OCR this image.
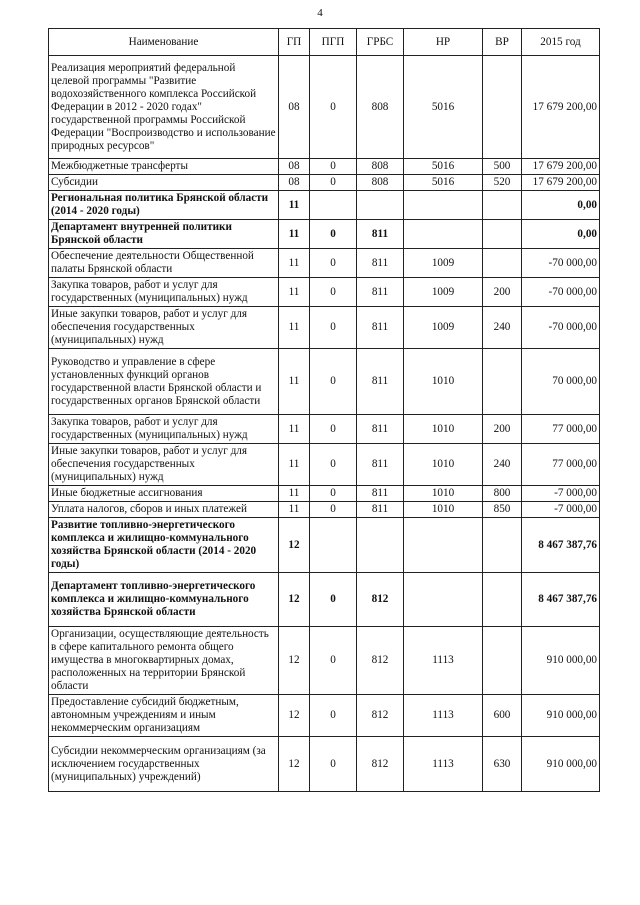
4
Наименование	ГП	ПГП	ГРБС	НР	ВР	2015 год
Реализация мероприятий федеральной целевой программы "Развитие водохозяйственного комплекса Российской Федерации в 2012 - 2020 годах" государственной программы Российской Федерации "Воспроизводство и использование природных ресурсов"	08	0	808	5016		17 679 200,00
Межбюджетные трансферты	08	0	808	5016	500	17 679 200,00
Субсидии	08	0	808	5016	520	17 679 200,00
Региональная политика Брянской области (2014 - 2020 годы)	11					0,00
Департамент внутренней политики Брянской области	11	0	811			0,00
Обеспечение деятельности Общественной палаты Брянской области	11	0	811	1009		-70 000,00
Закупка товаров, работ и услуг для государственных (муниципальных) нужд	11	0	811	1009	200	-70 000,00
Иные закупки товаров, работ и услуг для обеспечения государственных (муниципальных) нужд	11	0	811	1009	240	-70 000,00
Руководство и управление в сфере установленных функций органов государственной власти Брянской области и государственных органов Брянской области	11	0	811	1010		70 000,00
Закупка товаров, работ и услуг для государственных (муниципальных) нужд	11	0	811	1010	200	77 000,00
Иные закупки товаров, работ и услуг для обеспечения государственных (муниципальных) нужд	11	0	811	1010	240	77 000,00
Иные бюджетные ассигнования	11	0	811	1010	800	-7 000,00
Уплата налогов, сборов и иных платежей	11	0	811	1010	850	-7 000,00
Развитие топливно-энергетического комплекса и жилищно-коммунального хозяйства Брянской области (2014 - 2020 годы)	12					8 467 387,76
Департамент топливно-энергетического комплекса и жилищно-коммунального хозяйства Брянской области	12	0	812			8 467 387,76
Организации, осуществляющие деятельность в сфере капитального ремонта общего имущества в многоквартирных домах, расположенных на территории Брянской области	12	0	812	1113		910 000,00
Предоставление субсидий бюджетным, автономным учреждениям и иным некоммерческим организациям	12	0	812	1113	600	910 000,00
Субсидии некоммерческим организациям (за исключением государственных (муниципальных) учреждений)	12	0	812	1113	630	910 000,00
